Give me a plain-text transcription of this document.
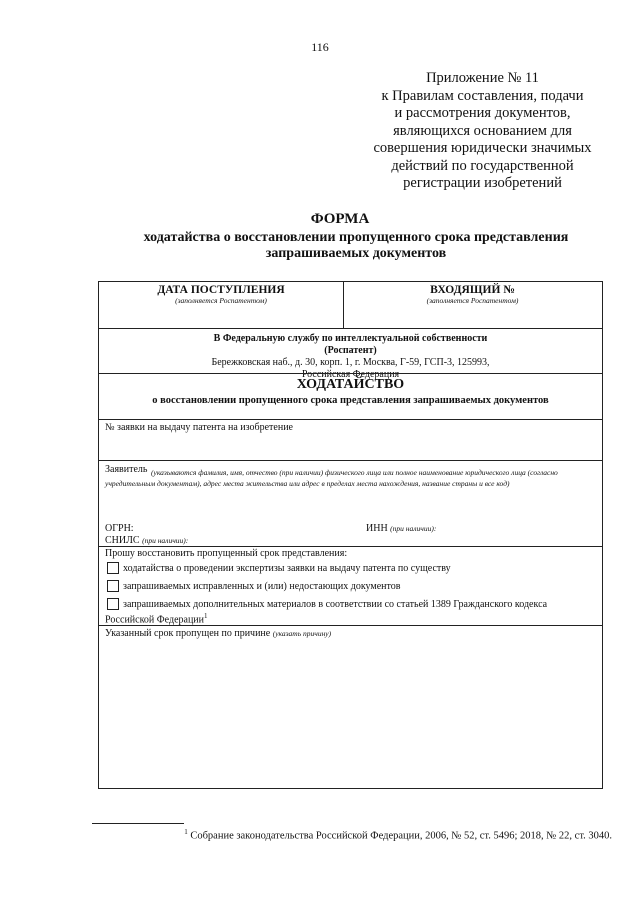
116
Приложение № 11
к Правилам составления, подачи
и рассмотрения документов,
являющихся основанием для
совершения юридически значимых
действий по государственной
регистрации изобретений
ФОРМА
ходатайства о восстановлении пропущенного срока представления
запрашиваемых документов
ДАТА ПОСТУПЛЕНИЯ
(заполняется Роспатентом)
ВХОДЯЩИЙ №
(заполняется Роспатентом)
В Федеральную службу по интеллектуальной собственности
(Роспатент)
Бережковская наб., д. 30, корп. 1, г. Москва, Г-59, ГСП-3, 125993,
Российская Федерация
ХОДАТАЙСТВО
о восстановлении пропущенного срока представления запрашиваемых документов
№ заявки на выдачу патента на изобретение
Заявитель (указываются фамилия, имя, отчество (при наличии) физического лица или полное наименование юридического лица (согласно учредительным документам), адрес места жительства или адрес в пределах места нахождения, название страны и все код)
ОГРН:	ИНН (при наличии):
СНИЛС (при наличии):
Прошу восстановить пропущенный срок представления:
ходатайства о проведении экспертизы заявки на выдачу патента по существу
запрашиваемых исправленных и (или) недостающих документов
запрашиваемых дополнительных материалов в соответствии со статьей 1389 Гражданского кодекса
Российской Федерации$^1$
Указанный срок пропущен по причине (указать причину)
$^1$ Собрание законодательства Российской Федерации, 2006, № 52, ст. 5496; 2018, № 22, ст. 3040.
